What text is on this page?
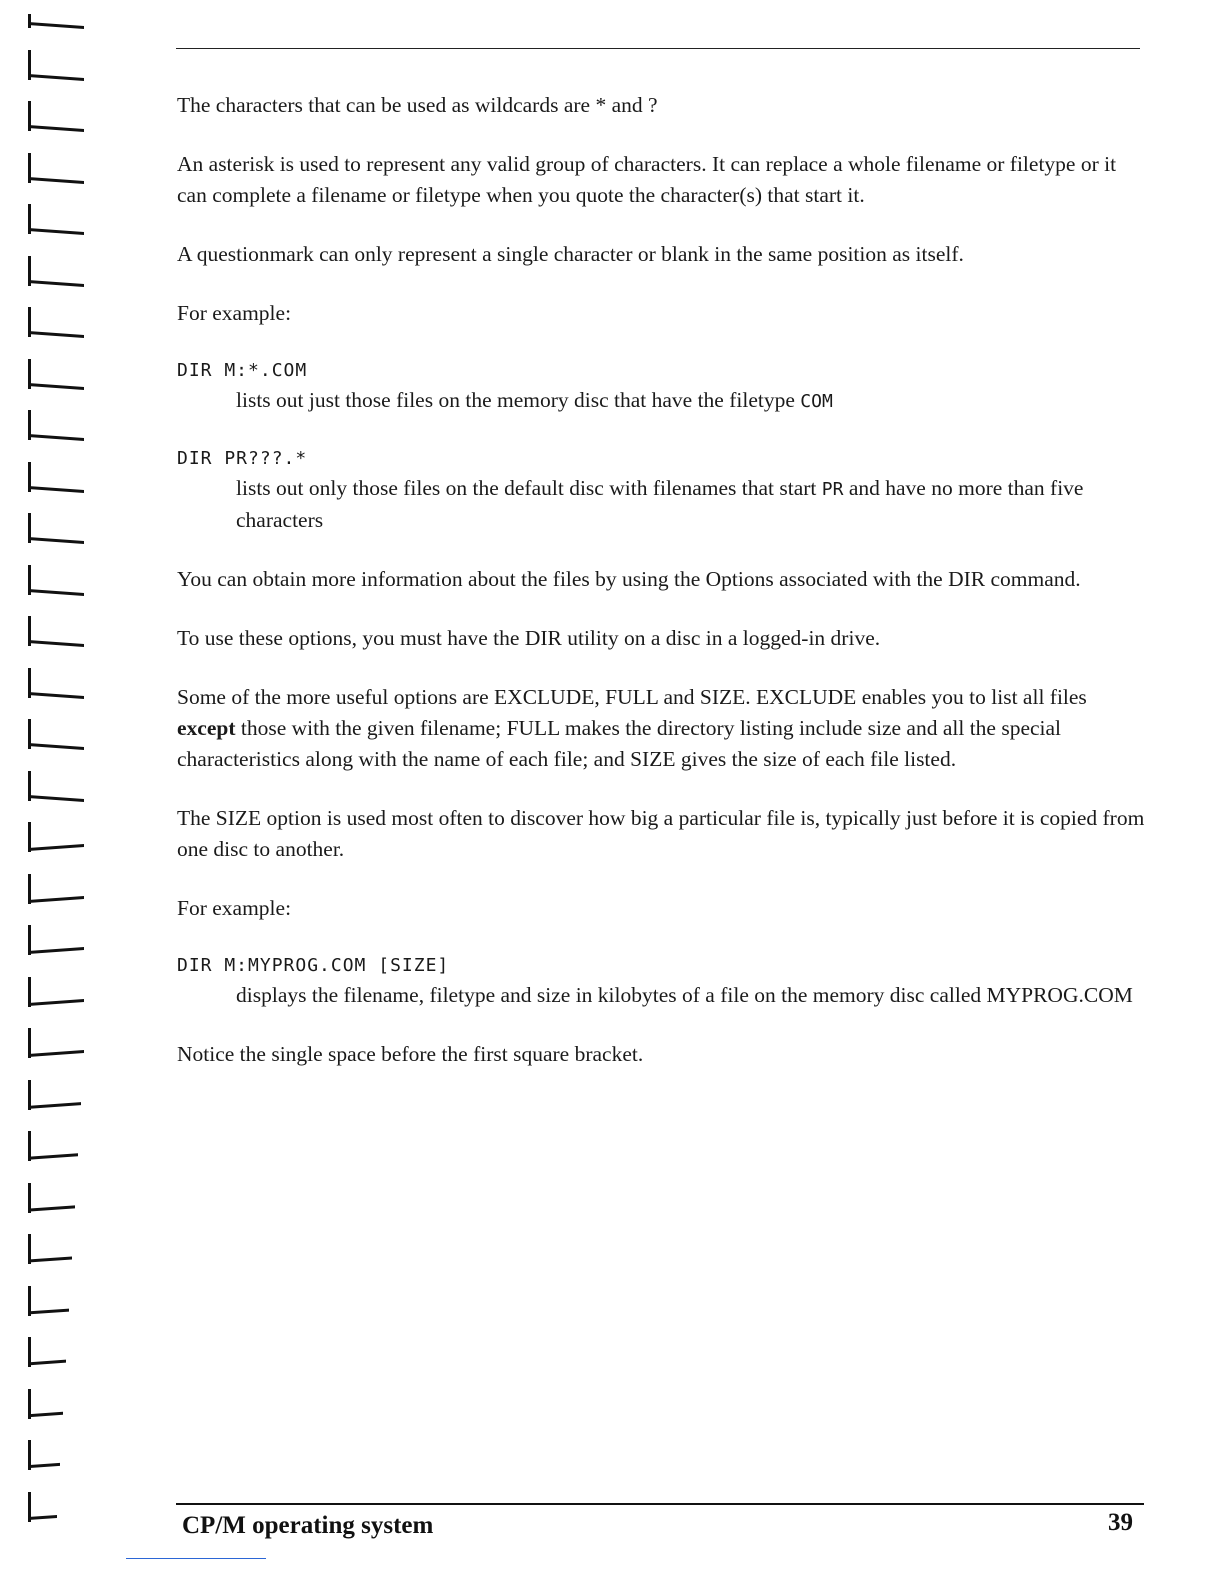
The characters that can be used as wildcards are * and ?

An asterisk is used to represent any valid group of characters. It can replace a whole filename or filetype or it can complete a filename or filetype when you quote the character(s) that start it.

A questionmark can only represent a single character or blank in the same position as itself.

For example:

DIR M:*.COM
lists out just those files on the memory disc that have the filetype COM
DIR PR???.*
lists out only those files on the default disc with filenames that start PR and have no more than five characters

You can obtain more information about the files by using the Options associated with the DIR command.

To use these options, you must have the DIR utility on a disc in a logged-in drive.

Some of the more useful options are EXCLUDE, FULL and SIZE. EXCLUDE enables you to list all files except those with the given filename; FULL makes the directory listing include size and all the special characteristics along with the name of each file; and SIZE gives the size of each file listed.

The SIZE option is used most often to discover how big a particular file is, typically just before it is copied from one disc to another.

For example:

DIR M:MYPROG.COM [SIZE]
displays the filename, filetype and size in kilobytes of a file on the memory disc called MYPROG.COM

Notice the single space before the first square bracket.

CP/M operating system	39
